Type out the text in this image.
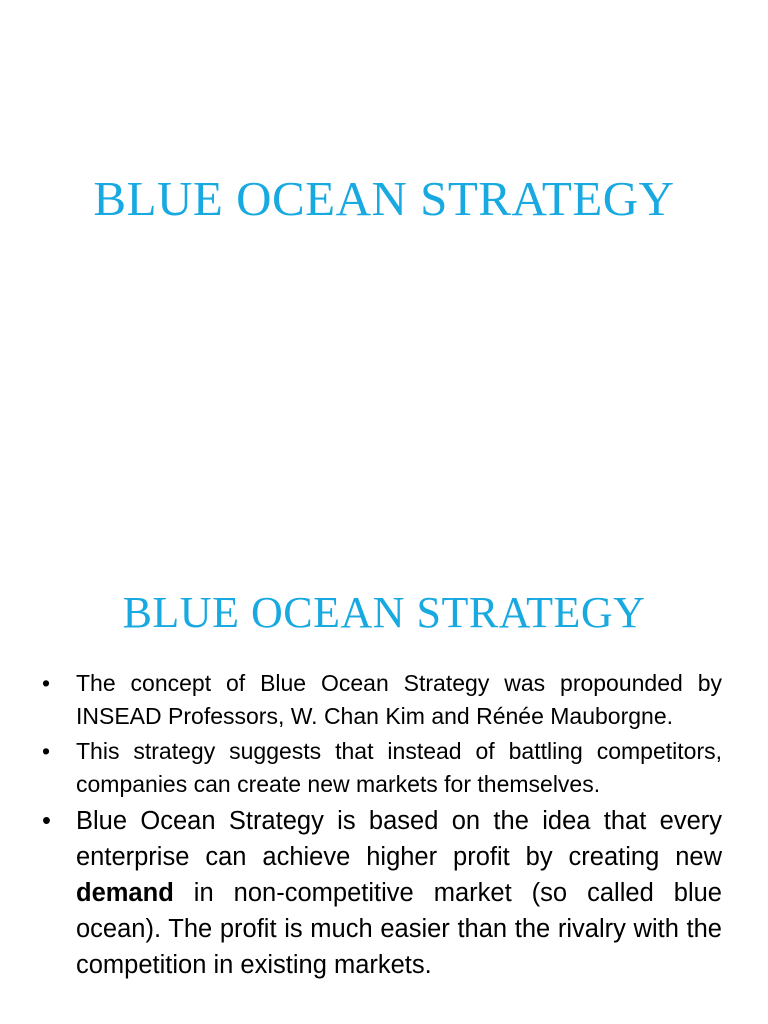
BLUE OCEAN STRATEGY
BLUE OCEAN STRATEGY
• The concept of Blue Ocean Strategy was propounded by INSEAD Professors, W. Chan Kim and Rénée Mauborgne.
• This strategy suggests that instead of battling competitors, companies can create new markets for themselves.
• Blue Ocean Strategy is based on the idea that every enterprise can achieve higher profit by creating new demand in non-competitive market (so called blue ocean). The profit is much easier than the rivalry with the competition in existing markets.
